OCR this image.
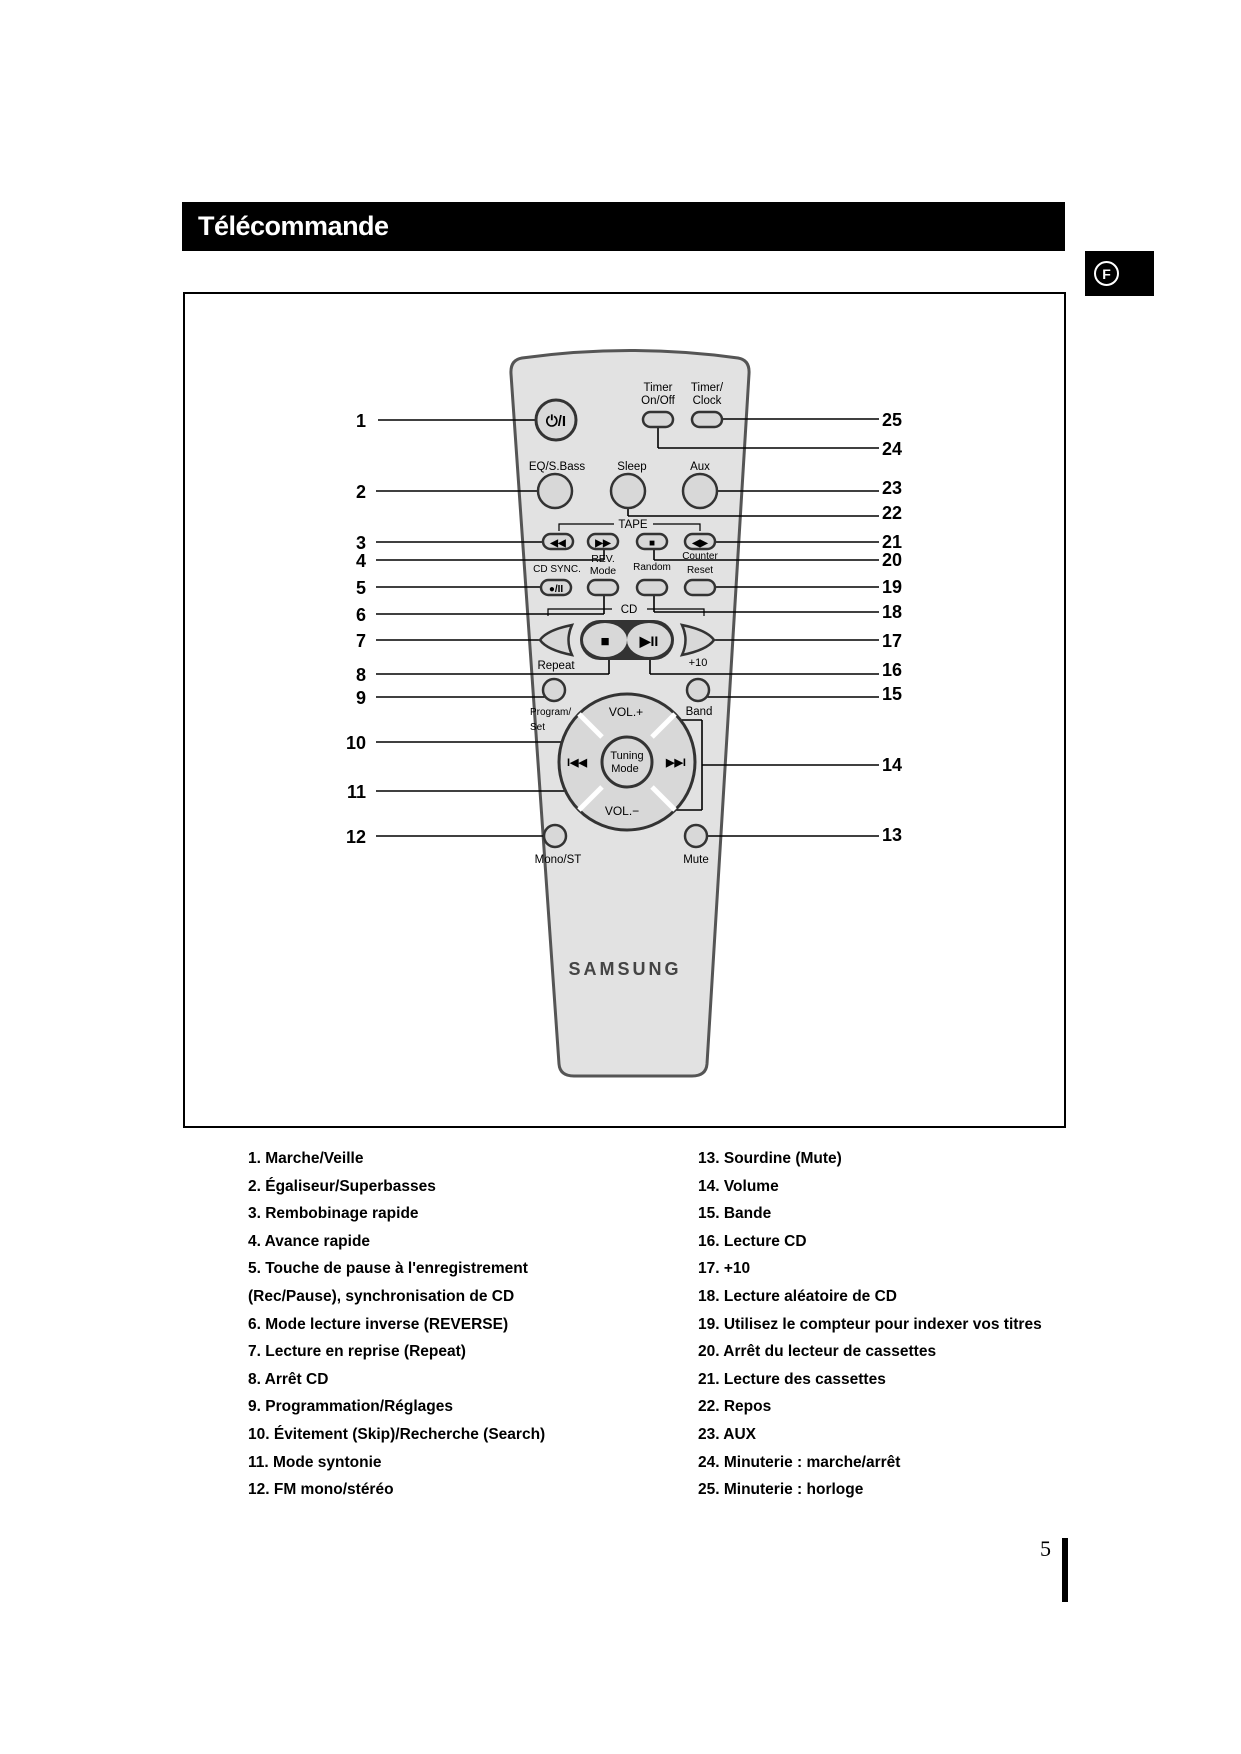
Télécommande
F
⏻/I
Timer
On/Off
Timer/
Clock
EQ/S.Bass	Sleep	Aux
TAPE
◀◀	▶▶	■	◀▶
CD SYNC.
REV.
Mode Random
Counter
Reset
●/II
CD
■ ▶II
Repeat	+10
Program/
Set
Band
VOL.+
VOL.−
I◀◀	▶▶I
Tuning
Mode
Mono/ST	Mute
SAMSUNG
1
2
3
4
5
6
7
8
9
10
11
12
25
24
23
22
21
20
19
18
17
16
15
14
13
1. Marche/Veille
2. Égaliseur/Superbasses
3. Rembobinage rapide
4. Avance rapide
5. Touche de pause à l'enregistrement
(Rec/Pause), synchronisation de CD
6. Mode lecture inverse (REVERSE)
7. Lecture en reprise (Repeat)
8. Arrêt CD
9. Programmation/Réglages
10. Évitement (Skip)/Recherche (Search)
11. Mode syntonie
12. FM mono/stéréo
13. Sourdine (Mute)
14. Volume
15. Bande
16. Lecture CD
17. +10
18. Lecture aléatoire de CD
19. Utilisez le compteur pour indexer vos titres
20. Arrêt du lecteur de cassettes
21. Lecture des cassettes
22. Repos
23. AUX
24. Minuterie : marche/arrêt
25. Minuterie : horloge
5
